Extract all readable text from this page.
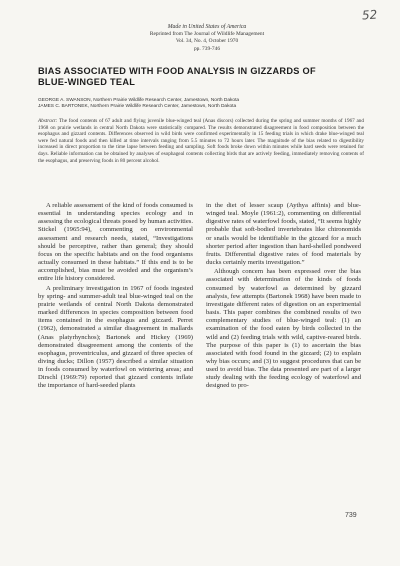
52
Made in United States of America
Reprinted from The Journal of Wildlife Management
Vol. 34, No. 4, October 1970
pp. 739-746
BIAS ASSOCIATED WITH FOOD ANALYSIS IN GIZZARDS OF BLUE-WINGED TEAL
GEORGE A. SWANSON, Northern Prairie Wildlife Research Center, Jamestown, North Dakota
JAMES C. BARTONEK, Northern Prairie Wildlife Research Center, Jamestown, North Dakota
Abstract: The food contents of 67 adult and flying juvenile blue-winged teal (Anas discors) collected during the spring and summer months of 1967 and 1968 on prairie wetlands in central North Dakota were statistically compared. The results demonstrated disagreement in food composition between the esophagus and gizzard contents. Differences observed in wild birds were confirmed experimentally in 15 feeding trials in which drake blue-winged teal were fed natural foods and then killed at time intervals ranging from 5.5 minutes to 72 hours later. The magnitude of the bias related to digestibility increased in direct proportion to the time lapse between feeding and sampling. Soft foods broke down within minutes while hard seeds were retained for days. Reliable information can be obtained by analyses of esophageal contents collecting birds that are actively feeding, immediately removing contents of the esophagus, and preserving foods in 80 percent alcohol.

A reliable assessment of the kind of foods consumed is essential in understanding species ecology and in assessing the ecological threats posed by human activities. Stickel (1965:94), commenting on environmental assessment and research needs, stated, “Investigations should be perceptive, rather than general; they should focus on the specific habitats and on the food organisms actually consumed in these habitats.” If this end is to be accomplished, bias must be avoided and the organism’s entire life history considered.

A preliminary investigation in 1967 of foods ingested by spring- and summer-adult teal blue-winged teal on the prairie wetlands of central North Dakota demonstrated marked differences in species composition between food items contained in the esophagus and gizzard. Perret (1962), demonstrated a similar disagreement in mallards (Anas platyrhynchos); Bartonek and Hickey (1969) demonstrated disagreement among the contents of the esophagus, proventriculus, and gizzard of three species of diving ducks; Dillon (1957) described a similar situation in foods consumed by waterfowl on wintering areas; and Dirschl (1969:79) reported that gizzard contents inflate the importance of hard-seeded plants

in the diet of lesser scaup (Aythya affinis) and blue-winged teal. Moyle (1961:2), commenting on differential digestive rates of waterfowl foods, stated, “It seems highly probable that soft-bodied invertebrates like chironomids or snails would be identifiable in the gizzard for a much shorter period after ingestion than hard-shelled pondweed fruits. Differential digestive rates of food materials by ducks certainly merits investigation.”

Although concern has been expressed over the bias associated with determination of the kinds of foods consumed by waterfowl as determined by gizzard analysis, few attempts (Bartonek 1968) have been made to investigate different rates of digestion on an experimental basis. This paper combines the combined results of two complementary studies of blue-winged teal: (1) an examination of the food eaten by birds collected in the wild and (2) feeding trials with wild, captive-reared birds. The purpose of this paper is (1) to ascertain the bias associated with food found in the gizzard; (2) to explain why bias occurs; and (3) to suggest procedures that can be used to avoid bias. The data presented are part of a larger study dealing with the feeding ecology of waterfowl and designed to pro-

739
